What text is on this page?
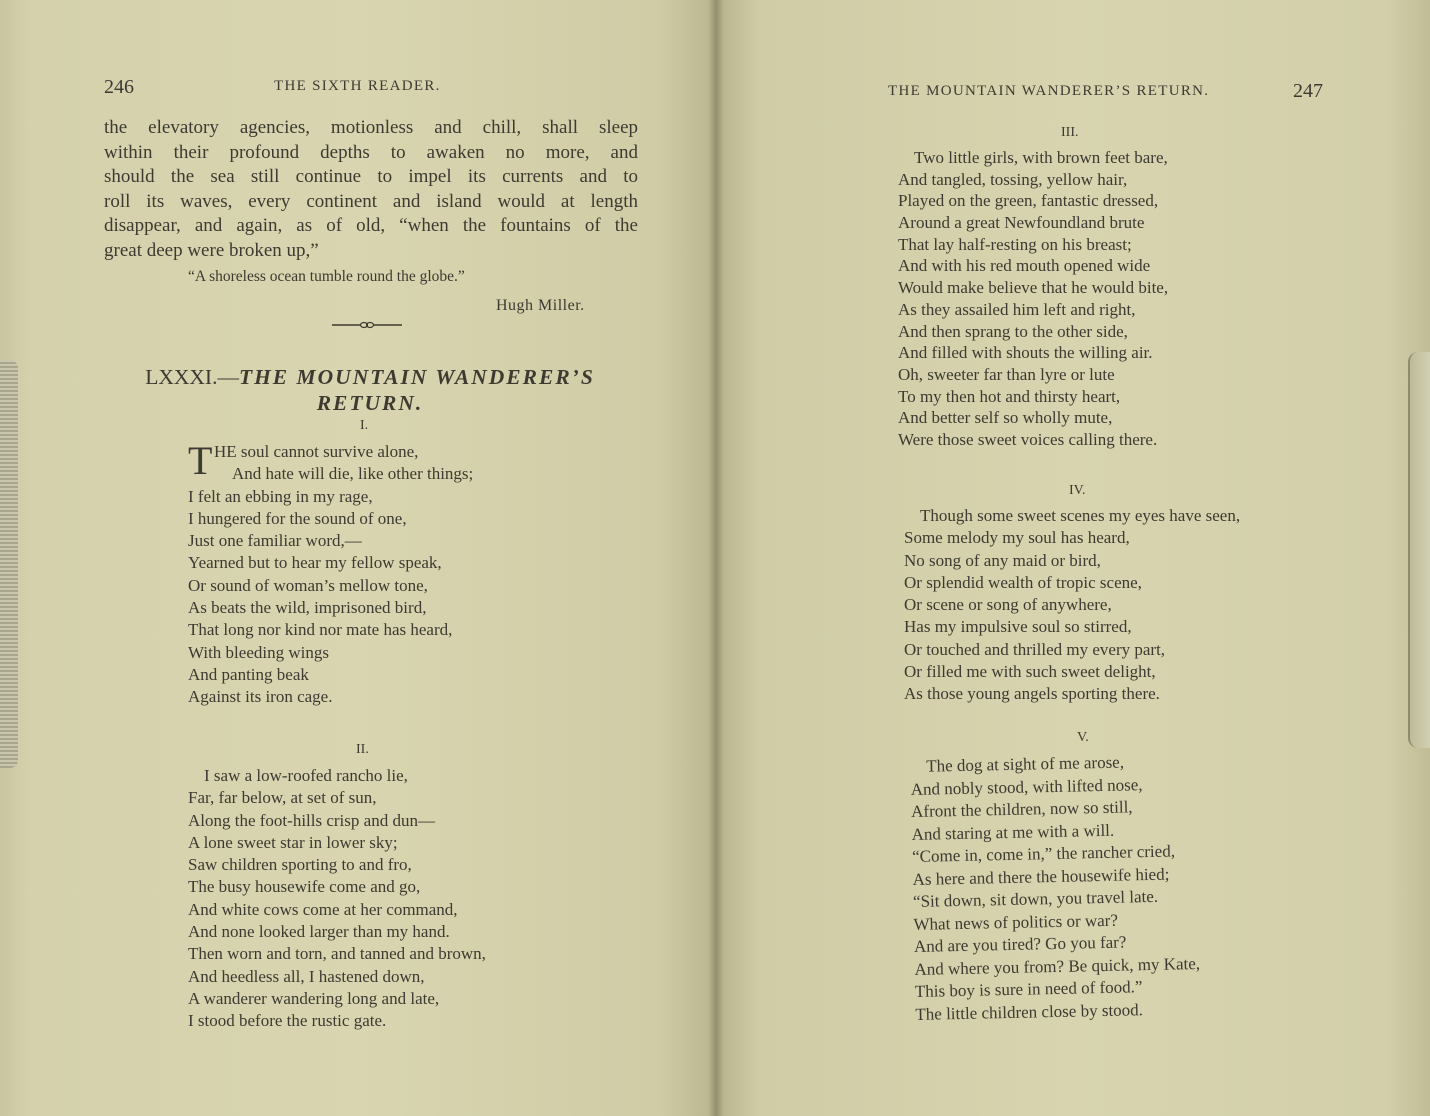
246	THE SIXTH READER.
the elevatory agencies, motionless and chill, shall sleep
within their profound depths to awaken no more, and
should the sea still continue to impel its currents and to
roll its waves, every continent and island would at length
disappear, and again, as of old, “when the fountains of the
great deep were broken up,”
“A shoreless ocean tumble round the globe.”
Hugh Miller.
LXXXI.—THE MOUNTAIN WANDERER’S
RETURN.
I.
T HE soul cannot survive alone,
And hate will die, like other things;
I felt an ebbing in my rage,
I hungered for the sound of one,
Just one familiar word,—
Yearned but to hear my fellow speak,
Or sound of woman’s mellow tone,
As beats the wild, imprisoned bird,
That long nor kind nor mate has heard,
With bleeding wings
And panting beak
Against its iron cage.
II.
I saw a low-roofed rancho lie,
Far, far below, at set of sun,
Along the foot-hills crisp and dun—
A lone sweet star in lower sky;
Saw children sporting to and fro,
The busy housewife come and go,
And white cows come at her command,
And none looked larger than my hand.
Then worn and torn, and tanned and brown,
And heedless all, I hastened down,
A wanderer wandering long and late,
I stood before the rustic gate.
THE MOUNTAIN WANDERER’S RETURN.	247
III.
Two little girls, with brown feet bare,
And tangled, tossing, yellow hair,
Played on the green, fantastic dressed,
Around a great Newfoundland brute
That lay half-resting on his breast;
And with his red mouth opened wide
Would make believe that he would bite,
As they assailed him left and right,
And then sprang to the other side,
And filled with shouts the willing air.
Oh, sweeter far than lyre or lute
To my then hot and thirsty heart,
And better self so wholly mute,
Were those sweet voices calling there.
IV.
Though some sweet scenes my eyes have seen,
Some melody my soul has heard,
No song of any maid or bird,
Or splendid wealth of tropic scene,
Or scene or song of anywhere,
Has my impulsive soul so stirred,
Or touched and thrilled my every part,
Or filled me with such sweet delight,
As those young angels sporting there.
V.
The dog at sight of me arose,
And nobly stood, with lifted nose,
Afront the children, now so still,
And staring at me with a will.
“Come in, come in,” the rancher cried,
As here and there the housewife hied;
“Sit down, sit down, you travel late.
What news of politics or war?
And are you tired? Go you far?
And where you from? Be quick, my Kate,
This boy is sure in need of food.”
The little children close by stood.
